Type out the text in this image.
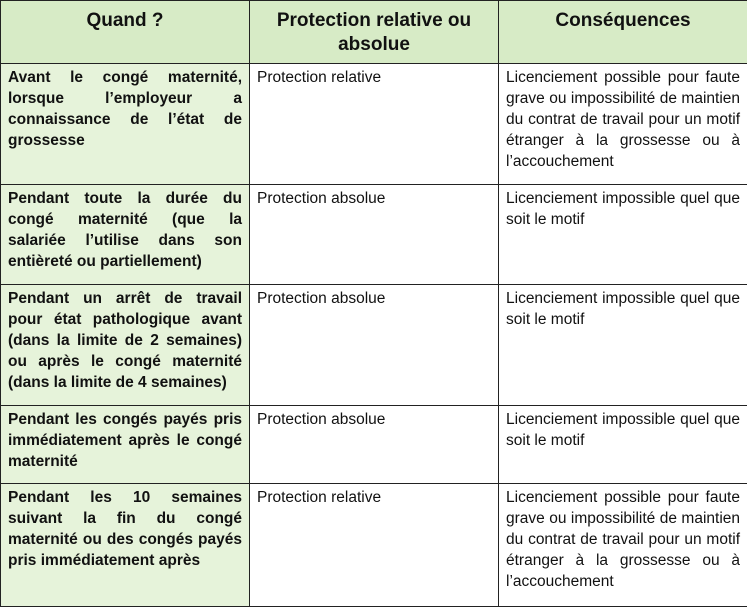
Quand ?	Protection relative ou absolue	Conséquences
Avant le congé maternité, lorsque l’employeur a connaissance de l’état de grossesse	Protection relative	Licenciement possible pour faute grave ou impossibilité de maintien du contrat de travail pour un motif étranger à la grossesse ou à l’accouchement
Pendant toute la durée du congé maternité (que la salariée l’utilise dans son entièreté ou partiellement)	Protection absolue	Licenciement impossible quel que soit le motif
Pendant un arrêt de travail pour état pathologique avant (dans la limite de 2 semaines) ou après le congé maternité (dans la limite de 4 semaines)	Protection absolue	Licenciement impossible quel que soit le motif
Pendant les congés payés pris immédiatement après le congé maternité	Protection absolue	Licenciement impossible quel que soit le motif
Pendant les 10 semaines suivant la fin du congé maternité ou des congés payés pris immédiatement après	Protection relative	Licenciement possible pour faute grave ou impossibilité de maintien du contrat de travail pour un motif étranger à la grossesse ou à l’accouchement
